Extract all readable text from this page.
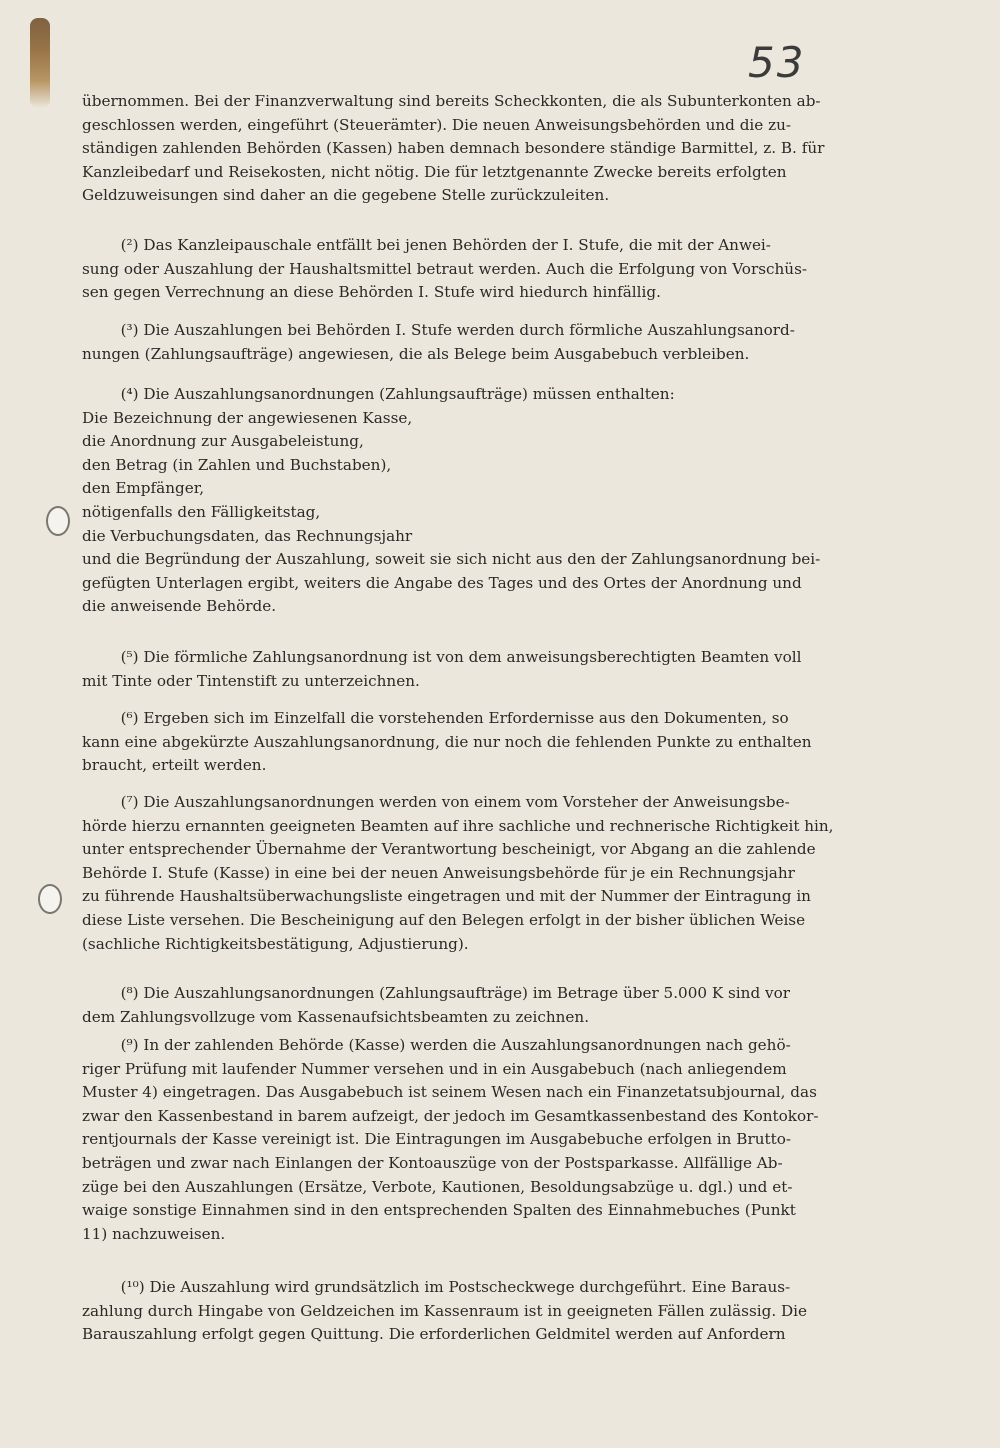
53
übernommen. Bei der Finanzverwaltung sind bereits Scheckkonten, die als Subunterkonten ab-
geschlossen werden, eingeführt (Steuerämter). Die neuen Anweisungsbehörden und die zu-
ständigen zahlenden Behörden (Kassen) haben demnach besondere ständige Barmittel, z. B. für
Kanzleibedarf und Reisekosten, nicht nötig. Die für letztgenannte Zwecke bereits erfolgten
Geldzuweisungen sind daher an die gegebene Stelle zurückzuleiten.
(²) Das Kanzleipauschale entfällt bei jenen Behörden der I. Stufe, die mit der Anwei-
sung oder Auszahlung der Haushaltsmittel betraut werden. Auch die Erfolgung von Vorschüs-
sen gegen Verrechnung an diese Behörden I. Stufe wird hiedurch hinfällig.
(³) Die Auszahlungen bei Behörden I. Stufe werden durch förmliche Auszahlungsanord-
nungen (Zahlungsaufträge) angewiesen, die als Belege beim Ausgabebuch verbleiben.
(⁴) Die Auszahlungsanordnungen (Zahlungsaufträge) müssen enthalten:
Die Bezeichnung der angewiesenen Kasse,
die Anordnung zur Ausgabeleistung,
den Betrag (in Zahlen und Buchstaben),
den Empfänger,
nötigenfalls den Fälligkeitstag,
die Verbuchungsdaten, das Rechnungsjahr
und die Begründung der Auszahlung, soweit sie sich nicht aus den der Zahlungsanordnung bei-
gefügten Unterlagen ergibt, weiters die Angabe des Tages und des Ortes der Anordnung und
die anweisende Behörde.
(⁵) Die förmliche Zahlungsanordnung ist von dem anweisungsberechtigten Beamten voll
mit Tinte oder Tintenstift zu unterzeichnen.
(⁶) Ergeben sich im Einzelfall die vorstehenden Erfordernisse aus den Dokumenten, so
kann eine abgekürzte Auszahlungsanordnung, die nur noch die fehlenden Punkte zu enthalten
braucht, erteilt werden.
(⁷) Die Auszahlungsanordnungen werden von einem vom Vorsteher der Anweisungsbe-
hörde hierzu ernannten geeigneten Beamten auf ihre sachliche und rechnerische Richtigkeit hin,
unter entsprechender Übernahme der Verantwortung bescheinigt, vor Abgang an die zahlende
Behörde I. Stufe (Kasse) in eine bei der neuen Anweisungsbehörde für je ein Rechnungsjahr
zu führende Haushaltsüberwachungsliste eingetragen und mit der Nummer der Eintragung in
diese Liste versehen. Die Bescheinigung auf den Belegen erfolgt in der bisher üblichen Weise
(sachliche Richtigkeitsbestätigung, Adjustierung).
(⁸) Die Auszahlungsanordnungen (Zahlungsaufträge) im Betrage über 5.000 K sind vor
dem Zahlungsvollzuge vom Kassenaufsichtsbeamten zu zeichnen.
(⁹) In der zahlenden Behörde (Kasse) werden die Auszahlungsanordnungen nach gehö-
riger Prüfung mit laufender Nummer versehen und in ein Ausgabebuch (nach anliegendem
Muster 4) eingetragen. Das Ausgabebuch ist seinem Wesen nach ein Finanzetatsubjournal, das
zwar den Kassenbestand in barem aufzeigt, der jedoch im Gesamtkassenbestand des Kontokor-
rentjournals der Kasse vereinigt ist. Die Eintragungen im Ausgabebuche erfolgen in Brutto-
beträgen und zwar nach Einlangen der Kontoauszüge von der Postsparkasse. Allfällige Ab-
züge bei den Auszahlungen (Ersätze, Verbote, Kautionen, Besoldungsabzüge u. dgl.) und et-
waige sonstige Einnahmen sind in den entsprechenden Spalten des Einnahmebuches (Punkt
11) nachzuweisen.
(¹⁰) Die Auszahlung wird grundsätzlich im Postscheckwege durchgeführt. Eine Baraus-
zahlung durch Hingabe von Geldzeichen im Kassenraum ist in geeigneten Fällen zulässig. Die
Barauszahlung erfolgt gegen Quittung. Die erforderlichen Geldmitel werden auf Anfordern
